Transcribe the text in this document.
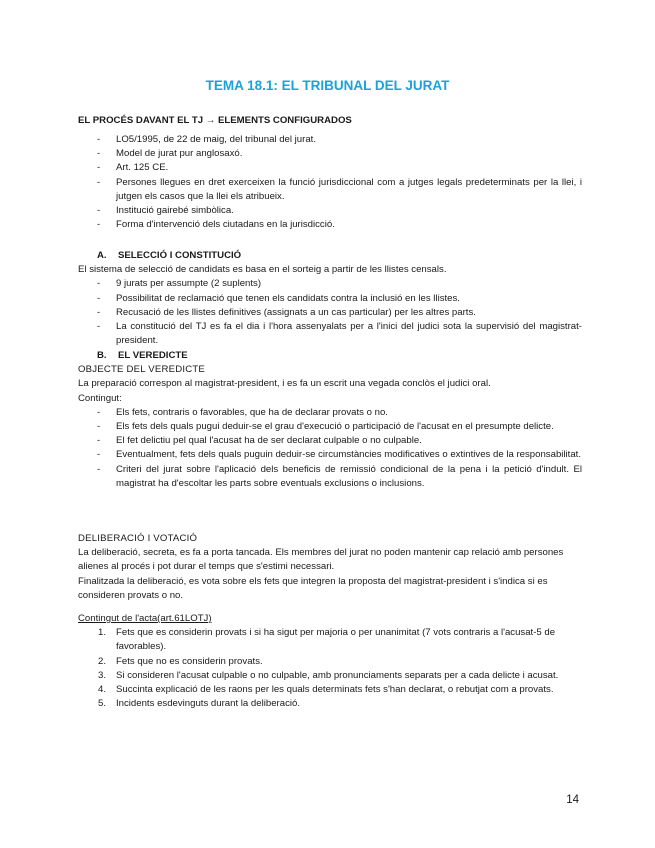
TEMA 18.1: EL TRIBUNAL DEL JURAT

EL PROCÉS DAVANT EL TJ → ELEMENTS CONFIGURADOS

- LO5/1995, de 22 de maig, del tribunal del jurat.
- Model de jurat pur anglosaxó.
- Art. 125 CE.
- Persones llegues en dret exerceixen la funció jurisdiccional com a jutges legals predeterminats per la llei, i jutgen els casos que la llei els atribueix.
- Institució gairebé simbòlica.
- Forma d'intervenció dels ciutadans en la jurisdicció.

A. SELECCIÓ I CONSTITUCIÓ

El sistema de selecció de candidats es basa en el sorteig a partir de les llistes censals.

- 9 jurats per assumpte (2 suplents)
- Possibilitat de reclamació que tenen els candidats contra la inclusió en les llistes.
- Recusació de les llistes definitives (assignats a un cas particular) per les altres parts.
- La constitució del TJ es fa el dia i l'hora assenyalats per a l'inici del judici sota la supervisió del magistrat-president.

B. EL VEREDICTE

OBJECTE DEL VEREDICTE

La preparació correspon al magistrat-president, i es fa un escrit una vegada conclòs el judici oral.

Contingut:

- Els fets, contraris o favorables, que ha de declarar provats o no.
- Els fets dels quals pugui deduir-se el grau d'execució o participació de l'acusat en el presumpte delicte.
- El fet delictiu pel qual l'acusat ha de ser declarat culpable o no culpable.
- Eventualment, fets dels quals puguin deduir-se circumstàncies modificatives o extintives de la responsabilitat.
- Criteri del jurat sobre l'aplicació dels beneficis de remissió condicional de la pena i la petició d'indult. El magistrat ha d'escoltar les parts sobre eventuals exclusions o inclusions.

DELIBERACIÓ I VOTACIÓ

La deliberació, secreta, es fa a porta tancada. Els membres del jurat no poden mantenir cap relació amb persones alienes al procés i pot durar el temps que s'estimi necessari.

Finalitzada la deliberació, es vota sobre els fets que integren la proposta del magistrat-president i s'indica si es consideren provats o no.

Contingut de l'acta(art.61LOTJ)

1. Fets que es considerin provats i si ha sigut per majoria o per unanimitat (7 vots contraris a l'acusat-5 de favorables).
2. Fets que no es considerin provats.
3. Si consideren l'acusat culpable o no culpable, amb pronunciaments separats per a cada delicte i acusat.
4. Succinta explicació de les raons per les quals determinats fets s'han declarat, o rebutjat com a provats.
5. Incidents esdevinguts durant la deliberació.
14
